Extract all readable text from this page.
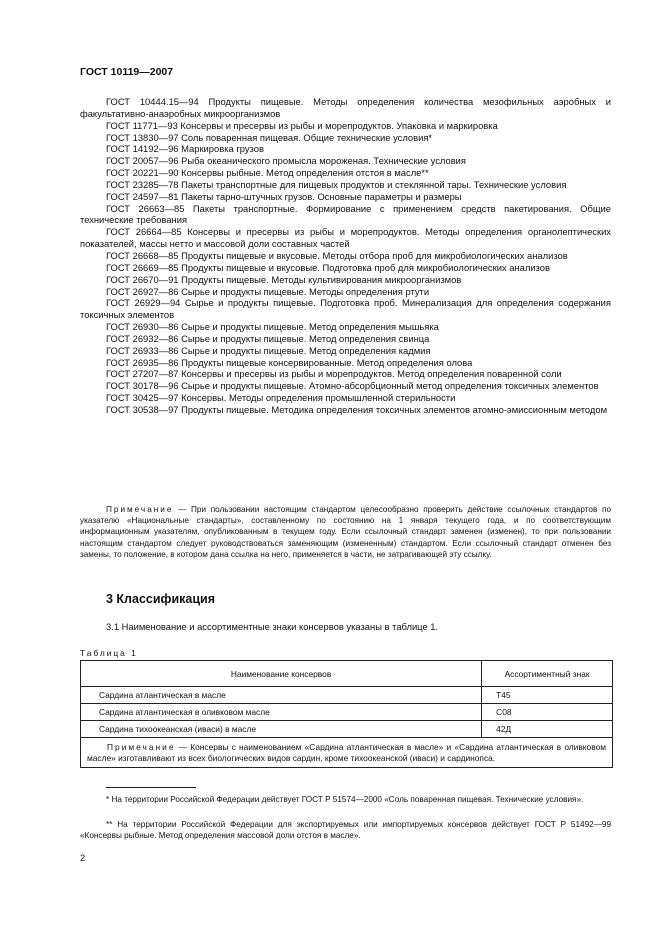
ГОСТ 10119—2007

ГОСТ 10444.15—94 Продукты пищевые. Методы определения количества мезофильных аэробных и факультативно-анаэробных микроорганизмов

ГОСТ 11771—93 Консервы и пресервы из рыбы и морепродуктов. Упаковка и маркировка

ГОСТ 13830—97 Соль поваренная пищевая. Общие технические условия*

ГОСТ 14192—96 Маркировка грузов

ГОСТ 20057—96 Рыба океанического промысла мороженая. Технические условия

ГОСТ 20221—90 Консервы рыбные. Метод определения отстоя в масле**

ГОСТ 23285—78 Пакеты транспортные для пищевых продуктов и стеклянной тары. Технические условия

ГОСТ 24597—81 Пакеты тарно-штучных грузов. Основные параметры и размеры

ГОСТ 26663—85 Пакеты транспортные. Формирование с применением средств пакетирования. Общие технические требования

ГОСТ 26664—85 Консервы и пресервы из рыбы и морепродуктов. Методы определения органолептических показателей, массы нетто и массовой доли составных частей

ГОСТ 26668—85 Продукты пищевые и вкусовые. Методы отбора проб для микробиологических анализов

ГОСТ 26669—85 Продукты пищевые и вкусовые. Подготовка проб для микробиологических анализов

ГОСТ 26670—91 Продукты пищевые. Методы культивирования микроорганизмов

ГОСТ 26927—86 Сырье и продукты пищевые. Методы определения ртути

ГОСТ 26929—94 Сырье и продукты пищевые. Подготовка проб. Минерализация для определения содержания токсичных элементов

ГОСТ 26930—86 Сырье и продукты пищевые. Метод определения мышьяка

ГОСТ 26932—86 Сырье и продукты пищевые. Метод определения свинца

ГОСТ 26933—86 Сырье и продукты пищевые. Метод определения кадмия

ГОСТ 26935—86 Продукты пищевые консервированные. Метод определения олова

ГОСТ 27207—87 Консервы и пресервы из рыбы и морепродуктов. Метод определения поваренной соли

ГОСТ 30178—96 Сырье и продукты пищевые. Атомно-абсорбционный метод определения токсичных элементов

ГОСТ 30425—97 Консервы. Методы определения промышленной стерильности

ГОСТ 30538—97 Продукты пищевые. Методика определения токсичных элементов атомно-эмиссионным методом

Примечание — При пользовании настоящим стандартом целесообразно проверить действие ссылочных стандартов по указателю «Национальные стандарты», составленному по состоянию на 1 января текущего года, и по соответствующим информационным указателям, опубликованным в текущем году. Если ссылочный стандарт заменен (изменен), то при пользовании настоящим стандартом следует руководствоваться заменяющим (измененным) стандартом. Если ссылочный стандарт отменен без замены, то положение, в котором дана ссылка на него, применяется в части, не затрагивающей эту ссылку.

3 Классификация
3.1 Наименование и ассортиментные знаки консервов указаны в таблице 1.
Таблица 1
Наименование консервов	Ассортиментный знак
Сардина атлантическая в масле	Т45
Сардина атлантическая в оливковом масле	С08
Сардина тихоокеанская (иваси) в масле	42Д
Примечание — Консервы с наименованием «Сардина атлантическая в масле» и «Сардина атлантическая в оливковом масле» изготавливают из всех биологических видов сардин, кроме тихоокеанской (иваси) и сардинопса.	

* На территории Российской Федерации действует ГОСТ Р 51574—2000 «Соль поваренная пищевая. Технические условия».

** На территории Российской Федерации для экспортируемых или импортируемых консервов действует ГОСТ Р 51492—99 «Консервы рыбные. Метод определения массовой доли отстоя в масле».

2
